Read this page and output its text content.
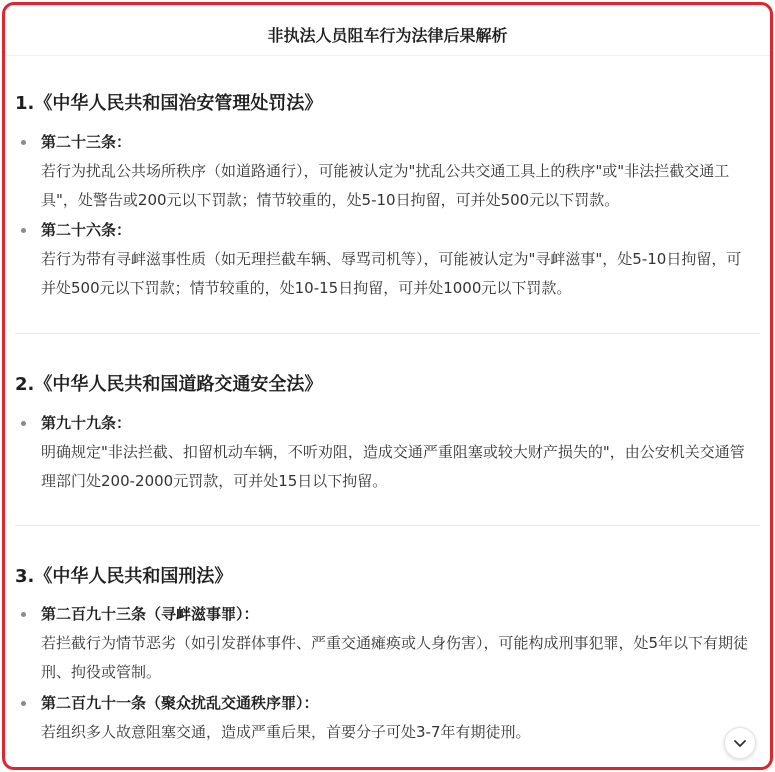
非执法人员阻车行为法律后果解析
1.《中华人民共和国治安管理处罚法》
第二十三条：
若行为扰乱公共场所秩序（如道路通行），可能被认定为"扰乱公共交通工具上的秩序"或"非法拦截交通工具"，处警告或200元以下罚款；情节较重的，处5-10日拘留，可并处500元以下罚款。
第二十六条：
若行为带有寻衅滋事性质（如无理拦截车辆、辱骂司机等），可能被认定为"寻衅滋事"，处5-10日拘留，可并处500元以下罚款；情节较重的，处10-15日拘留，可并处1000元以下罚款。
2.《中华人民共和国道路交通安全法》
第九十九条：
明确规定"非法拦截、扣留机动车辆，不听劝阻，造成交通严重阻塞或较大财产损失的"，由公安机关交通管理部门处200-2000元罚款，可并处15日以下拘留。
3.《中华人民共和国刑法》
第二百九十三条（寻衅滋事罪）：
若拦截行为情节恶劣（如引发群体事件、严重交通瘫痪或人身伤害），可能构成刑事犯罪，处5年以下有期徒刑、拘役或管制。
第二百九十一条（聚众扰乱交通秩序罪）：
若组织多人故意阻塞交通，造成严重后果，首要分子可处3-7年有期徒刑。
